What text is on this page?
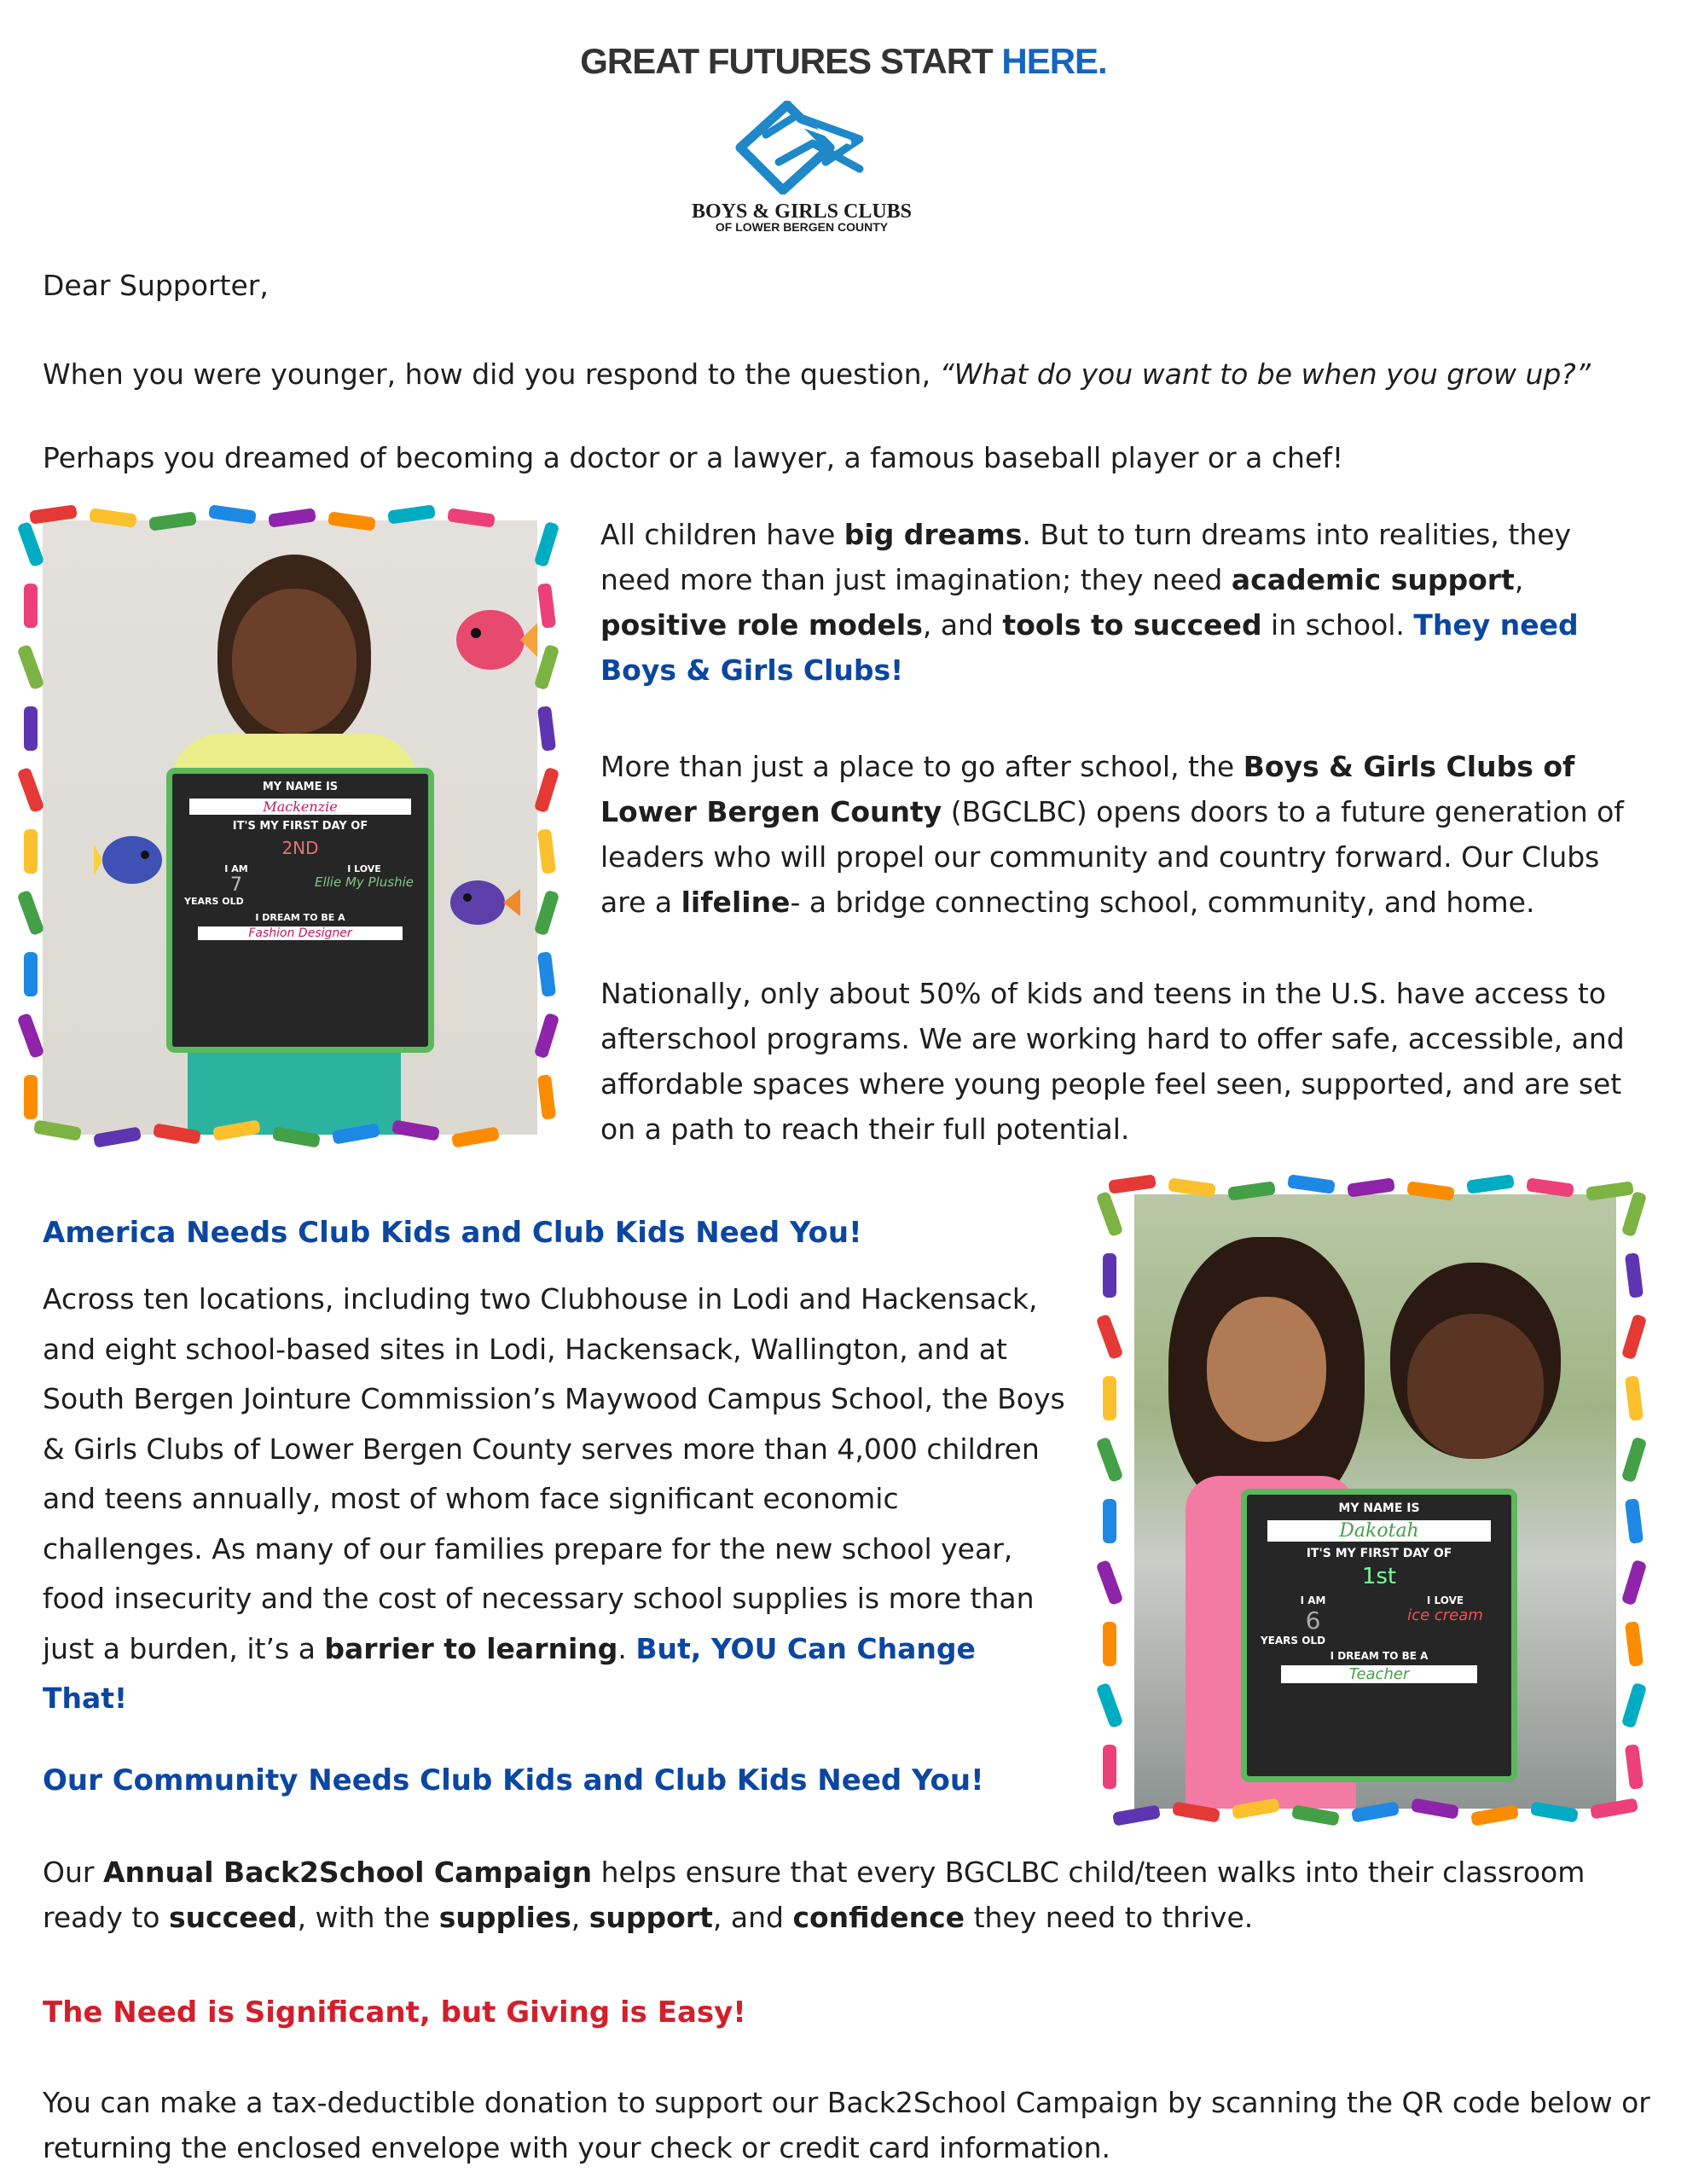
GREAT FUTURES START HERE.
BOYS & GIRLS CLUBS
OF LOWER BERGEN COUNTY
Dear Supporter,
When you were younger, how did you respond to the question, “What do you want to be when you grow up?”
Perhaps you dreamed of becoming a doctor or a lawyer, a famous baseball player or a chef!
MY NAME IS
Mackenzie
IT'S MY FIRST DAY OF
2ND
I AM	I LOVE
7	Ellie My Plushie
YEARS OLD
I DREAM TO BE A
Fashion Designer
All children have big dreams. But to turn dreams into realities, they need more than just imagination; they need academic support, positive role models, and tools to succeed in school. They need Boys & Girls Clubs!
More than just a place to go after school, the Boys & Girls Clubs of Lower Bergen County (BGCLBC) opens doors to a future generation of leaders who will propel our community and country forward. Our Clubs are a lifeline- a bridge connecting school, community, and home.
Nationally, only about 50% of kids and teens in the U.S. have access to afterschool programs. We are working hard to offer safe, accessible, and affordable spaces where young people feel seen, supported, and are set on a path to reach their full potential.
America Needs Club Kids and Club Kids Need You!
Across ten locations, including two Clubhouse in Lodi and Hackensack, and eight school-based sites in Lodi, Hackensack, Wallington, and at South Bergen Jointure Commission’s Maywood Campus School, the Boys & Girls Clubs of Lower Bergen County serves more than 4,000 children and teens annually, most of whom face significant economic challenges. As many of our families prepare for the new school year, food insecurity and the cost of necessary school supplies is more than just a burden, it’s a barrier to learning. But, YOU Can Change That!
MY NAME IS
Dakotah
IT'S MY FIRST DAY OF
1st
I AM	I LOVE
6	ice cream
YEARS OLD
I DREAM TO BE A
Teacher
Our Community Needs Club Kids and Club Kids Need You!
Our Annual Back2School Campaign helps ensure that every BGCLBC child/teen walks into their classroom ready to succeed, with the supplies, support, and confidence they need to thrive.
The Need is Significant, but Giving is Easy!
You can make a tax-deductible donation to support our Back2School Campaign by scanning the QR code below or returning the enclosed envelope with your check or credit card information.
